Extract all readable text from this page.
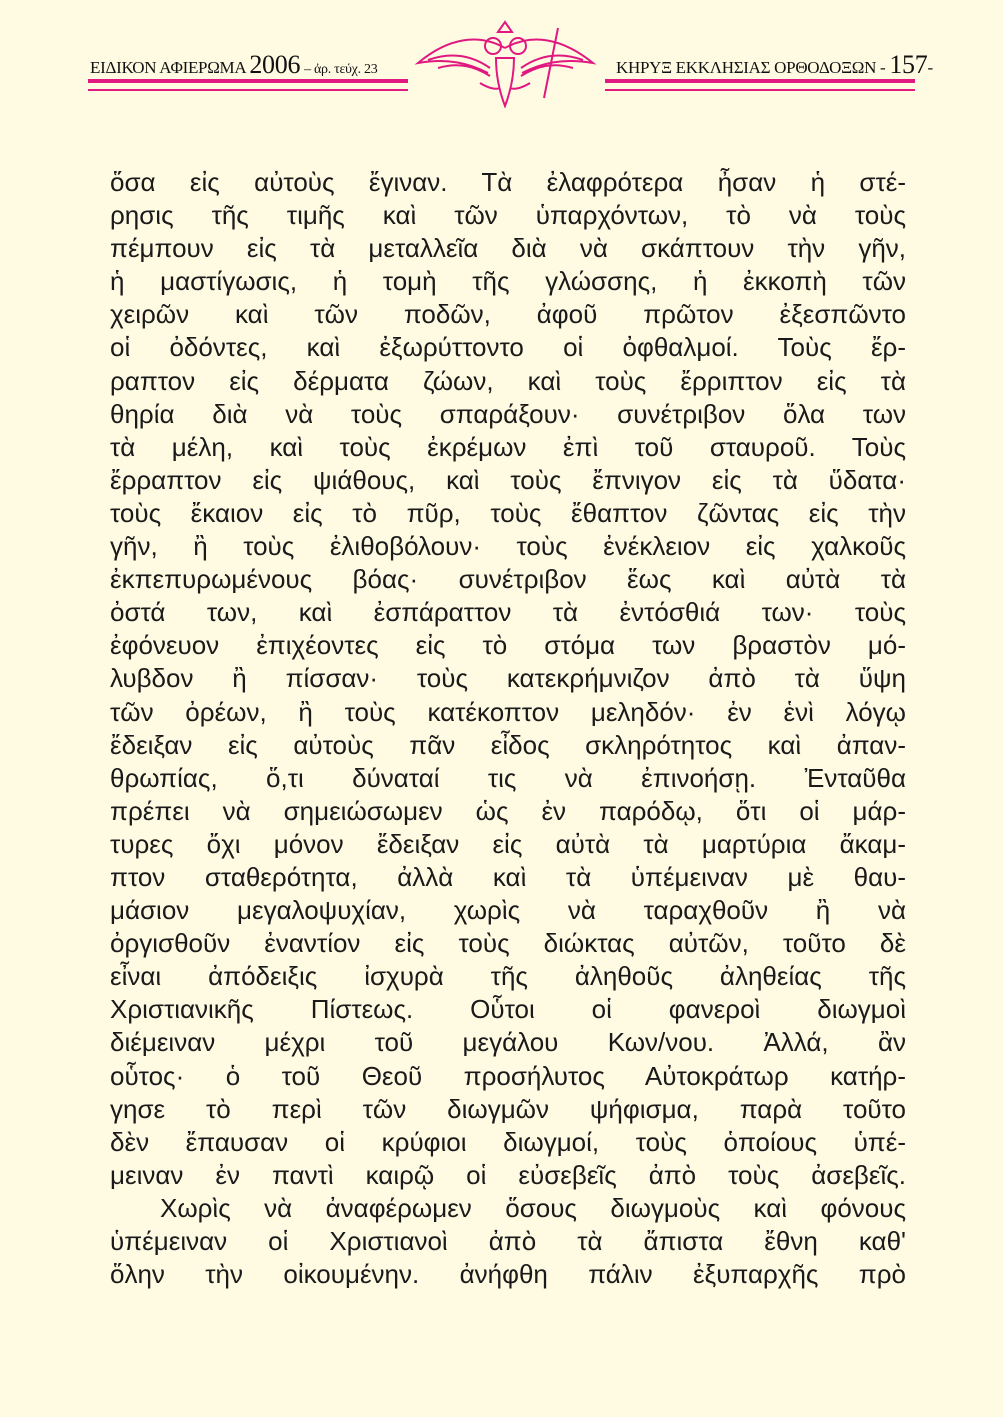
ΕΙΔΙΚΟΝ ΑΦΙΕΡΩΜΑ 2006 – ἀρ. τεύχ. 23	ΚΗΡΥΞ ΕΚΚΛΗΣΙΑΣ ΟΡΘΟΔΟΞΩΝ - 157-
ὅσα εἰς αὐτοὺς ἔγιναν. Τὰ ἐλαφρότερα ἦσαν ἡ στέ-
ρησις τῆς τιμῆς καὶ τῶν ὑπαρχόντων, τὸ νὰ τοὺς
πέμπουν εἰς τὰ μεταλλεῖα διὰ νὰ σκάπτουν τὴν γῆν,
ἡ μαστίγωσις, ἡ τομὴ τῆς γλώσσης, ἡ ἐκκοπὴ τῶν
χειρῶν καὶ τῶν ποδῶν, ἀφοῦ πρῶτον ἐξεσπῶντο
οἱ ὀδόντες, καὶ ἐξωρύττοντο οἱ ὀφθαλμοί. Τοὺς ἔρ-
ραπτον εἰς δέρματα ζώων, καὶ τοὺς ἔρριπτον εἰς τὰ
θηρία διὰ νὰ τοὺς σπαράξουν· συνέτριβον ὅλα των
τὰ μέλη, καὶ τοὺς ἐκρέμων ἐπὶ τοῦ σταυροῦ. Τοὺς
ἔρραπτον εἰς ψιάθους, καὶ τοὺς ἔπνιγον εἰς τὰ ὕδατα·
τοὺς ἔκαιον εἰς τὸ πῦρ, τοὺς ἔθαπτον ζῶντας εἰς τὴν
γῆν, ἢ τοὺς ἐλιθοβόλουν· τοὺς ἐνέκλειον εἰς χαλκοῦς
ἐκπεπυρωμένους βόας· συνέτριβον ἕως καὶ αὐτὰ τὰ
ὀστά των, καὶ ἐσπάραττον τὰ ἐντόσθιά των· τοὺς
ἐφόνευον ἐπιχέοντες εἰς τὸ στόμα των βραστὸν μό-
λυβδον ἢ πίσσαν· τοὺς κατεκρήμνιζον ἀπὸ τὰ ὕψη
τῶν ὀρέων, ἢ τοὺς κατέκοπτον μεληδόν· ἐν ἑνὶ λόγῳ
ἔδειξαν εἰς αὐτοὺς πᾶν εἶδος σκληρότητος καὶ ἀπαν-
θρωπίας, ὅ,τι δύναταί τις νὰ ἐπινοήσῃ. Ἐνταῦθα
πρέπει νὰ σημειώσωμεν ὡς ἐν παρόδῳ, ὅτι οἱ μάρ-
τυρες ὄχι μόνον ἔδειξαν εἰς αὐτὰ τὰ μαρτύρια ἄκαμ-
πτον σταθερότητα, ἀλλὰ καὶ τὰ ὑπέμειναν μὲ θαυ-
μάσιον μεγαλοψυχίαν, χωρὶς νὰ ταραχθοῦν ἢ νὰ
ὀργισθοῦν ἐναντίον εἰς τοὺς διώκτας αὐτῶν, τοῦτο δὲ
εἶναι ἀπόδειξις ἰσχυρὰ τῆς ἀληθοῦς ἀληθείας τῆς
Χριστιανικῆς Πίστεως. Οὗτοι οἱ φανεροὶ διωγμοὶ
διέμειναν μέχρι τοῦ μεγάλου Κων/νου. Ἀλλά, ἂν
οὗτος· ὁ τοῦ Θεοῦ προσήλυτος Αὐτοκράτωρ κατήρ-
γησε τὸ περὶ τῶν διωγμῶν ψήφισμα, παρὰ τοῦτο
δὲν ἔπαυσαν οἱ κρύφιοι διωγμοί, τοὺς ὁποίους ὑπέ-
μειναν ἐν παντὶ καιρῷ οἱ εὐσεβεῖς ἀπὸ τοὺς ἀσεβεῖς.
Χωρὶς νὰ ἀναφέρωμεν ὅσους διωγμοὺς καὶ φόνους
ὑπέμειναν οἱ Χριστιανοὶ ἀπὸ τὰ ἄπιστα ἔθνη καθ'
ὅλην τὴν οἰκουμένην. ἀνήφθη πάλιν ἐξυπαρχῆς πρὸ
